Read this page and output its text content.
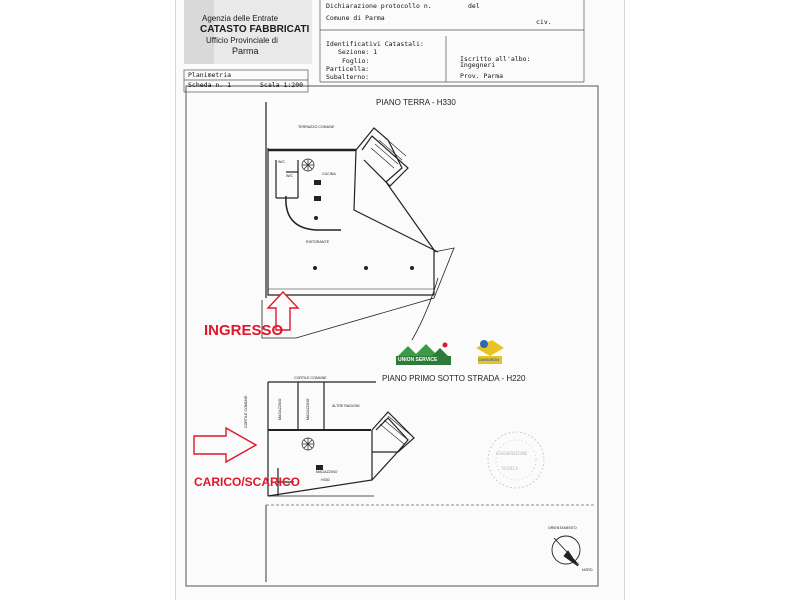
ASSEVERAZIONE
TECNICA
Agenzia delle Entrate
CATASTO FABBRICATI
Ufficio Provinciale di
Parma
Dichiarazione protocollo n.	del
Comune di Parma	civ.
Identificativi Catastali:
Sezione: 1
Foglio:
Particella:
Subalterno:
Iscritto all'albo:
Ingegneri
Prov. Parma
Planimetria
Scheda n. 1	Scala 1:200
PIANO TERRA - H330
TERRAZZO COMUNE
W/C
W/C	CUCINA
RISTORANTE
PIANO PRIMO SOTTO STRADA - H220
CORTILE COMUNE
CORTILE COMUNE	MAGAZZINO	MAGAZZINO	ALTRE RAGIONI
MAGAZZINO
H330
ORIENTAMENTO
NORD
UNION SERVICE	CONSORZIO
INGRESSO
CARICO/SCARICO
